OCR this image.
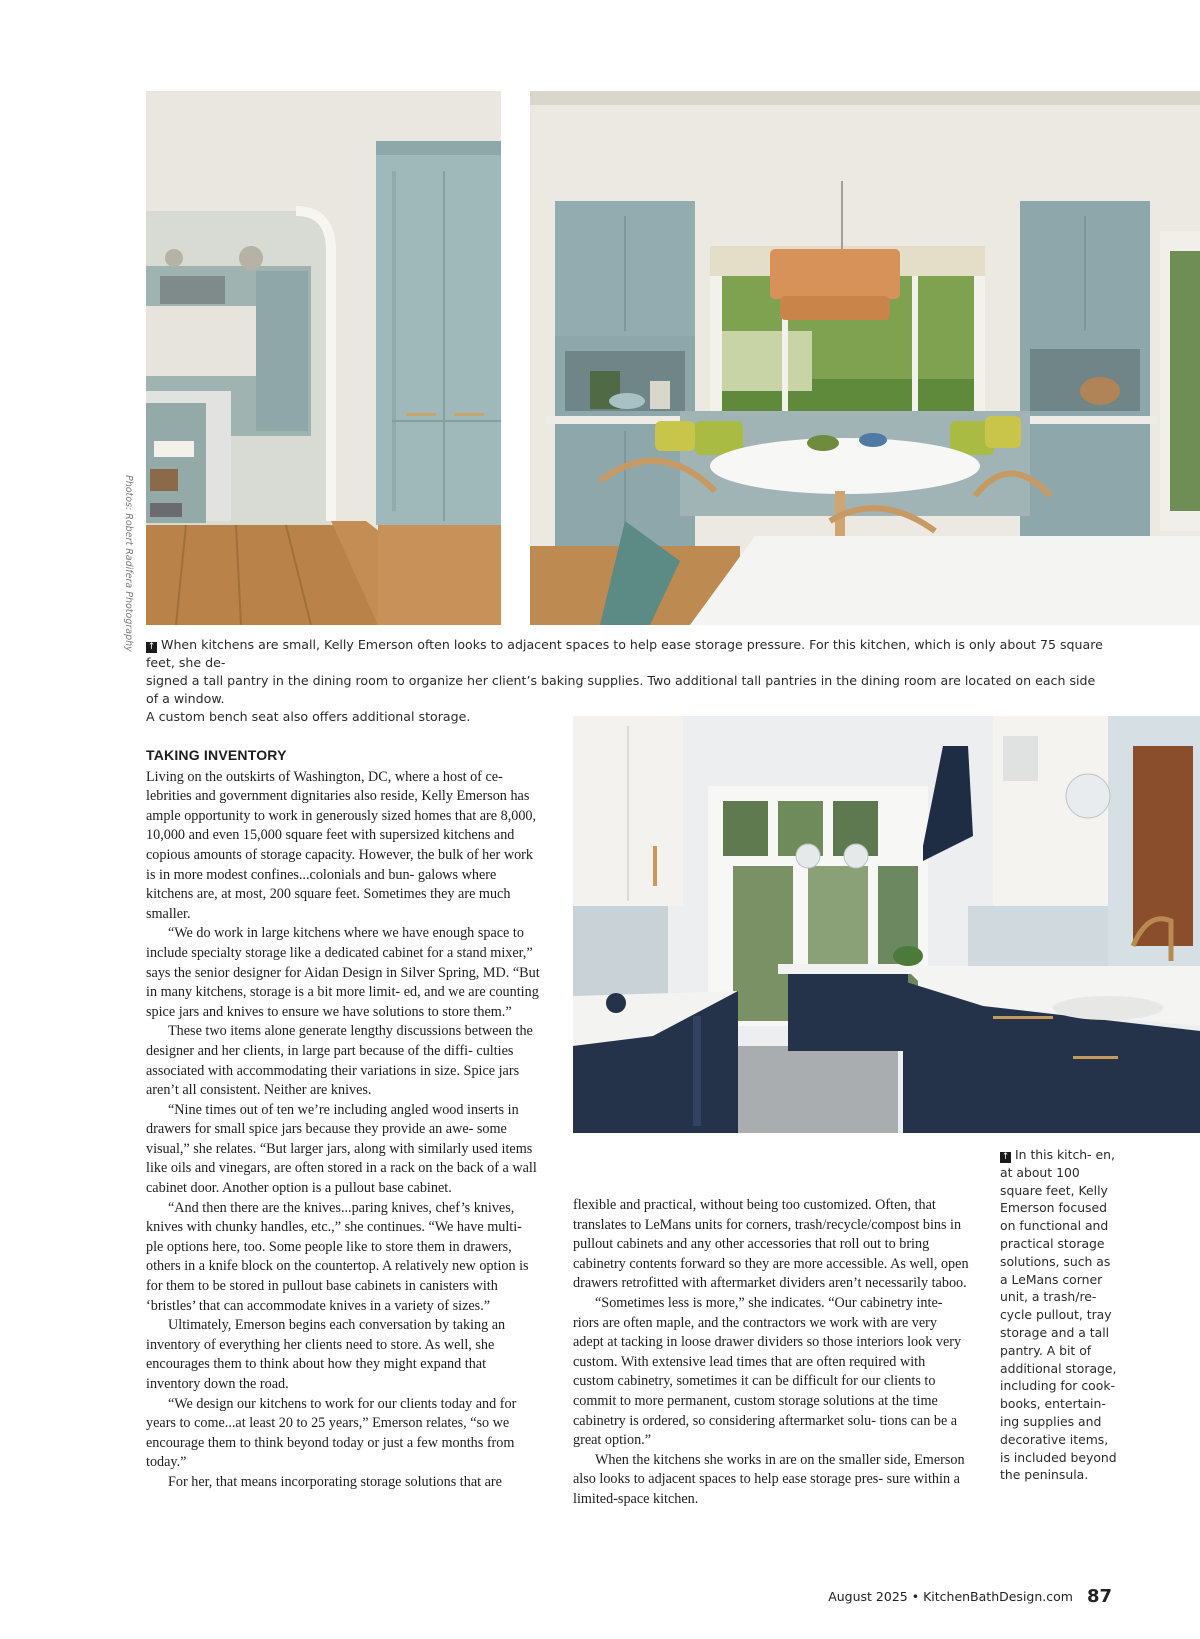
Photos: Robert Radifera Photography ↑ When kitchens are small, Kelly Emerson often looks to adjacent spaces to help ease storage pressure. For this kitchen, which is only about 75 square feet, she de-
signed a tall pantry in the dining room to organize her client’s baking supplies. Two additional tall pantries in the dining room are located on each side of a window.
A custom bench seat also offers additional storage.
TAKING INVENTORY

Living on the outskirts of Washington, DC, where a host of ce- lebrities and government dignitaries also reside, Kelly Emerson has ample opportunity to work in generously sized homes that are 8,000, 10,000 and even 15,000 square feet with supersized kitchens and copious amounts of storage capacity. However, the bulk of her work is in more modest confines...colonials and bun- galows where kitchens are, at most, 200 square feet. Sometimes they are much smaller.

“We do work in large kitchens where we have enough space to include specialty storage like a dedicated cabinet for a stand mixer,” says the senior designer for Aidan Design in Silver Spring, MD. “But in many kitchens, storage is a bit more limit- ed, and we are counting spice jars and knives to ensure we have solutions to store them.”

These two items alone generate lengthy discussions between the designer and her clients, in large part because of the diffi- culties associated with accommodating their variations in size. Spice jars aren’t all consistent. Neither are knives.

“Nine times out of ten we’re including angled wood inserts in drawers for small spice jars because they provide an awe- some visual,” she relates. “But larger jars, along with similarly used items like oils and vinegars, are often stored in a rack on the back of a wall cabinet door. Another option is a pullout base cabinet.

“And then there are the knives...paring knives, chef’s knives, knives with chunky handles, etc.,” she continues. “We have multi- ple options here, too. Some people like to store them in drawers, others in a knife block on the countertop. A relatively new option is for them to be stored in pullout base cabinets in canisters with ‘bristles’ that can accommodate knives in a variety of sizes.”

Ultimately, Emerson begins each conversation by taking an inventory of everything her clients need to store. As well, she encourages them to think about how they might expand that inventory down the road.

“We design our kitchens to work for our clients today and for years to come...at least 20 to 25 years,” Emerson relates, “so we encourage them to think beyond today or just a few months from today.”

For her, that means incorporating storage solutions that are

flexible and practical, without being too customized. Often, that translates to LeMans units for corners, trash/recycle/compost bins in pullout cabinets and any other accessories that roll out to bring cabinetry contents forward so they are more accessible. As well, open drawers retrofitted with aftermarket dividers aren’t necessarily taboo.

“Sometimes less is more,” she indicates. “Our cabinetry inte- riors are often maple, and the contractors we work with are very adept at tacking in loose drawer dividers so those interiors look very custom. With extensive lead times that are often required with custom cabinetry, sometimes it can be difficult for our clients to commit to more permanent, custom storage solutions at the time cabinetry is ordered, so considering aftermarket solu- tions can be a great option.”

When the kitchens she works in are on the smaller side, Emerson also looks to adjacent spaces to help ease storage pres- sure within a limited-space kitchen.

↑ In this kitch- en, at about 100 square feet, Kelly Emerson focused on functional and practical storage solutions, such as a LeMans corner unit, a trash/re- cycle pullout, tray storage and a tall pantry. A bit of additional storage, including for cook- books, entertain- ing supplies and decorative items, is included beyond the peninsula.
August 2025 • KitchenBathDesign.com 87
